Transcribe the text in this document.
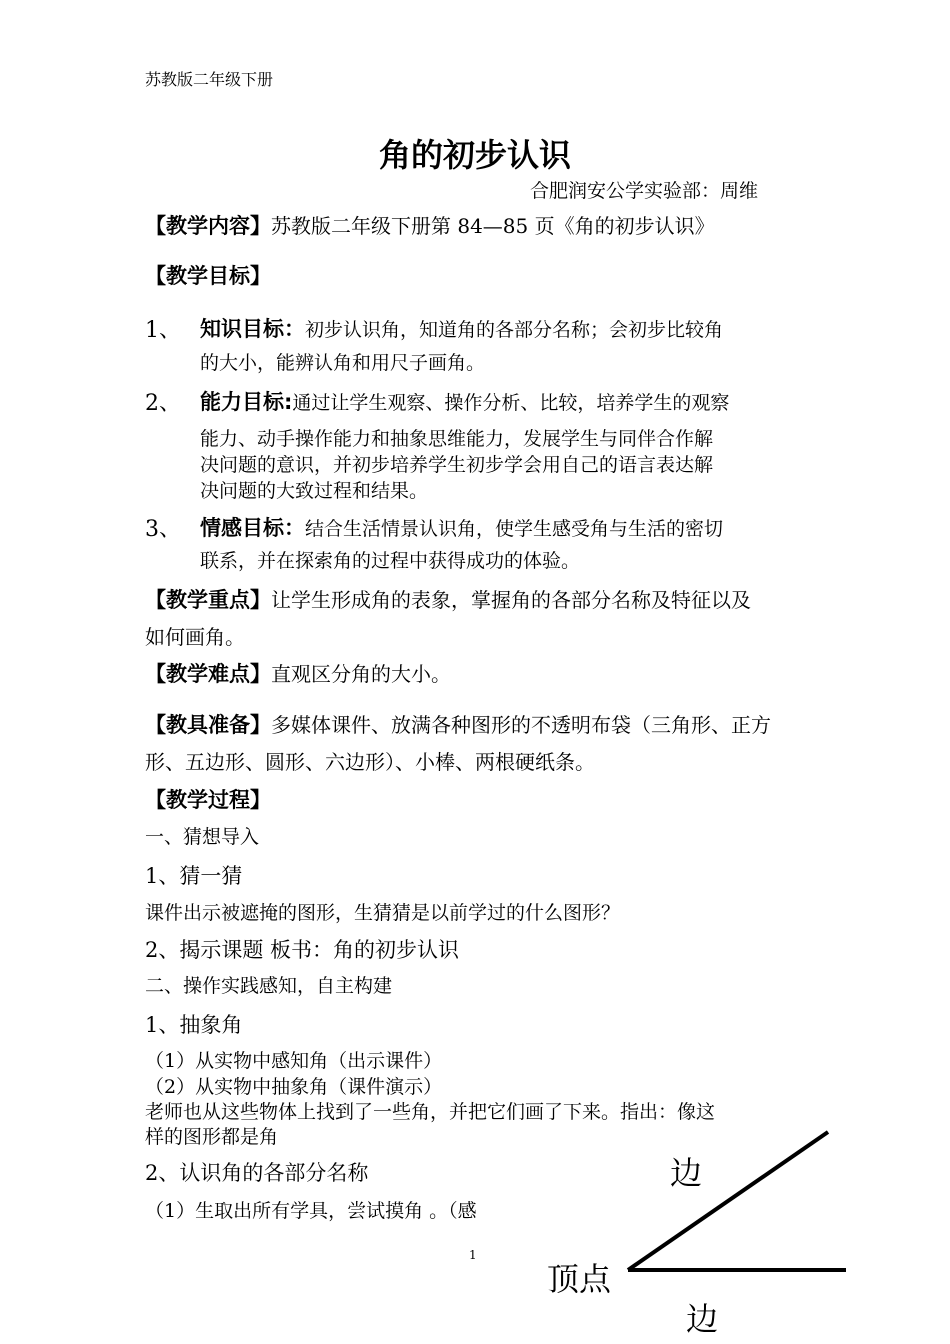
苏教版二年级下册
角的初步认识
合肥润安公学实验部：周维
【教学内容】苏教版二年级下册第 84—85 页《角的初步认识》
【教学目标】
1、 知识目标：初步认识角，知道角的各部分名称；会初步比较角
的大小，能辨认角和用尺子画角。
2、 能力目标:通过让学生观察、操作分析、比较，培养学生的观察
能力、动手操作能力和抽象思维能力，发展学生与同伴合作解
决问题的意识，并初步培养学生初步学会用自己的语言表达解
决问题的大致过程和结果。
3、 情感目标：结合生活情景认识角，使学生感受角与生活的密切
联系，并在探索角的过程中获得成功的体验。
【教学重点】让学生形成角的表象，掌握角的各部分名称及特征以及
如何画角。
【教学难点】直观区分角的大小。
【教具准备】多媒体课件、放满各种图形的不透明布袋（三角形、正方
形、五边形、圆形、六边形）、小棒、两根硬纸条。
【教学过程】
一、猜想导入
1、猜一猜
课件出示被遮掩的图形，生猜猜是以前学过的什么图形？
2、揭示课题 板书：角的初步认识
二、操作实践感知，自主构建
1、抽象角
（1）从实物中感知角（出示课件）
（2）从实物中抽象角（课件演示）
老师也从这些物体上找到了一些角，并把它们画了下来。指出：像这
样的图形都是角
2、认识角的各部分名称
（1）生取出所有学具，尝试摸角 。（感
1
边
顶点
边
